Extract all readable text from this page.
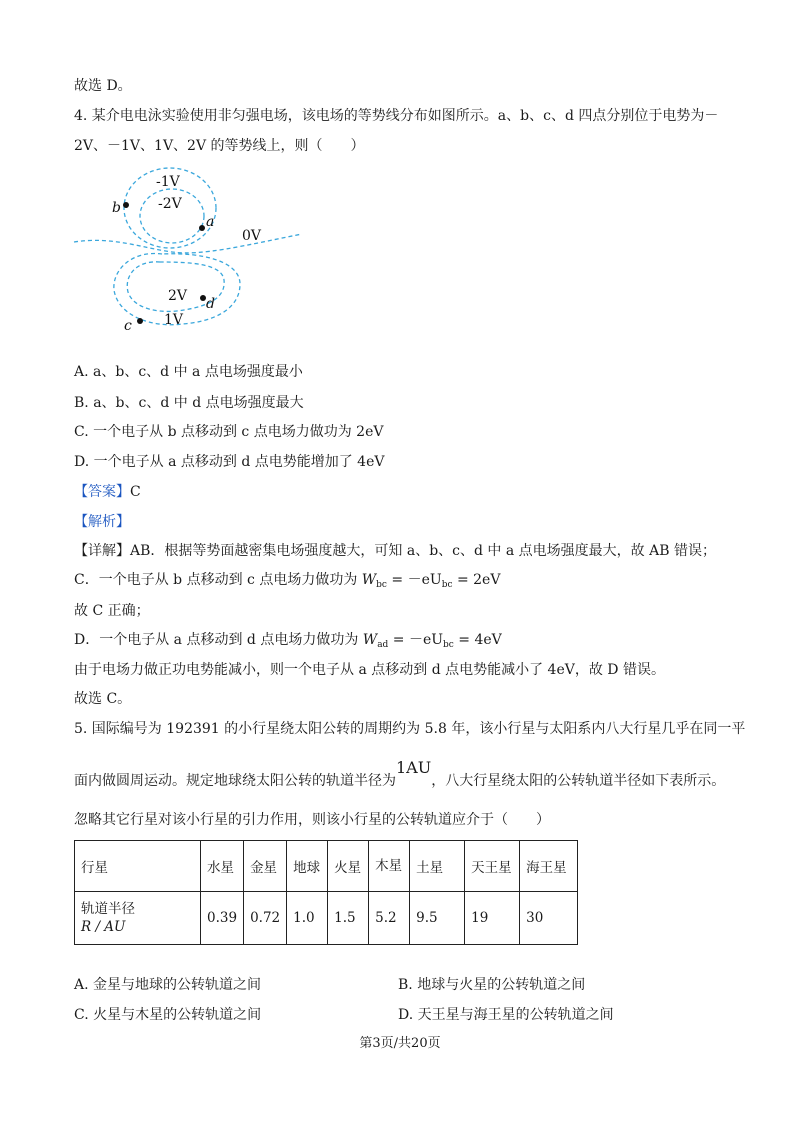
故选 D。
4. 某介电电泳实验使用非匀强电场，该电场的等势线分布如图所示。a、b、c、d 四点分别位于电势为－
2V、－1V、1V、2V 的等势线上，则（　　）
-1V
-2V
0V
2V
1V
b
a
d
c
A. a、b、c、d 中 a 点电场强度最小
B. a、b、c、d 中 d 点电场强度最大
C. 一个电子从 b 点移动到 c 点电场力做功为 2eV
D. 一个电子从 a 点移动到 d 点电势能增加了 4eV
【答案】C
【解析】
【详解】AB．根据等势面越密集电场强度越大，可知 a、b、c、d 中 a 点电场强度最大，故 AB 错误；
C．一个电子从 b 点移动到 c 点电场力做功为 $W_{bc} = -eU_{bc} = 2eV$
故 C 正确；
D．一个电子从 a 点移动到 d 点电场力做功为 $W_{ad} = -eU_{bc} = 4eV$
由于电场力做正功电势能减小，则一个电子从 a 点移动到 d 点电势能减小了 4eV，故 D 错误。
故选 C。
5. 国际编号为 192391 的小行星绕太阳公转的周期约为 5.8 年，该小行星与太阳系内八大行星几乎在同一平
面内做圆周运动。规定地球绕太阳公转的轨道半径为1AU，八大行星绕太阳的公转轨道半径如下表所示。
忽略其它行星对该小行星的引力作用，则该小行星的公转轨道应介于（　　）
行星	水星	金星	地球	火星	木星	土星	天王星	海王星

轨道半径
R / AU	0.39	0.72	1.0	1.5	5.2	9.5	19	30
A. 金星与地球的公转轨道之间	B. 地球与火星的公转轨道之间
C. 火星与木星的公转轨道之间	D. 天王星与海王星的公转轨道之间
第3页/共20页
